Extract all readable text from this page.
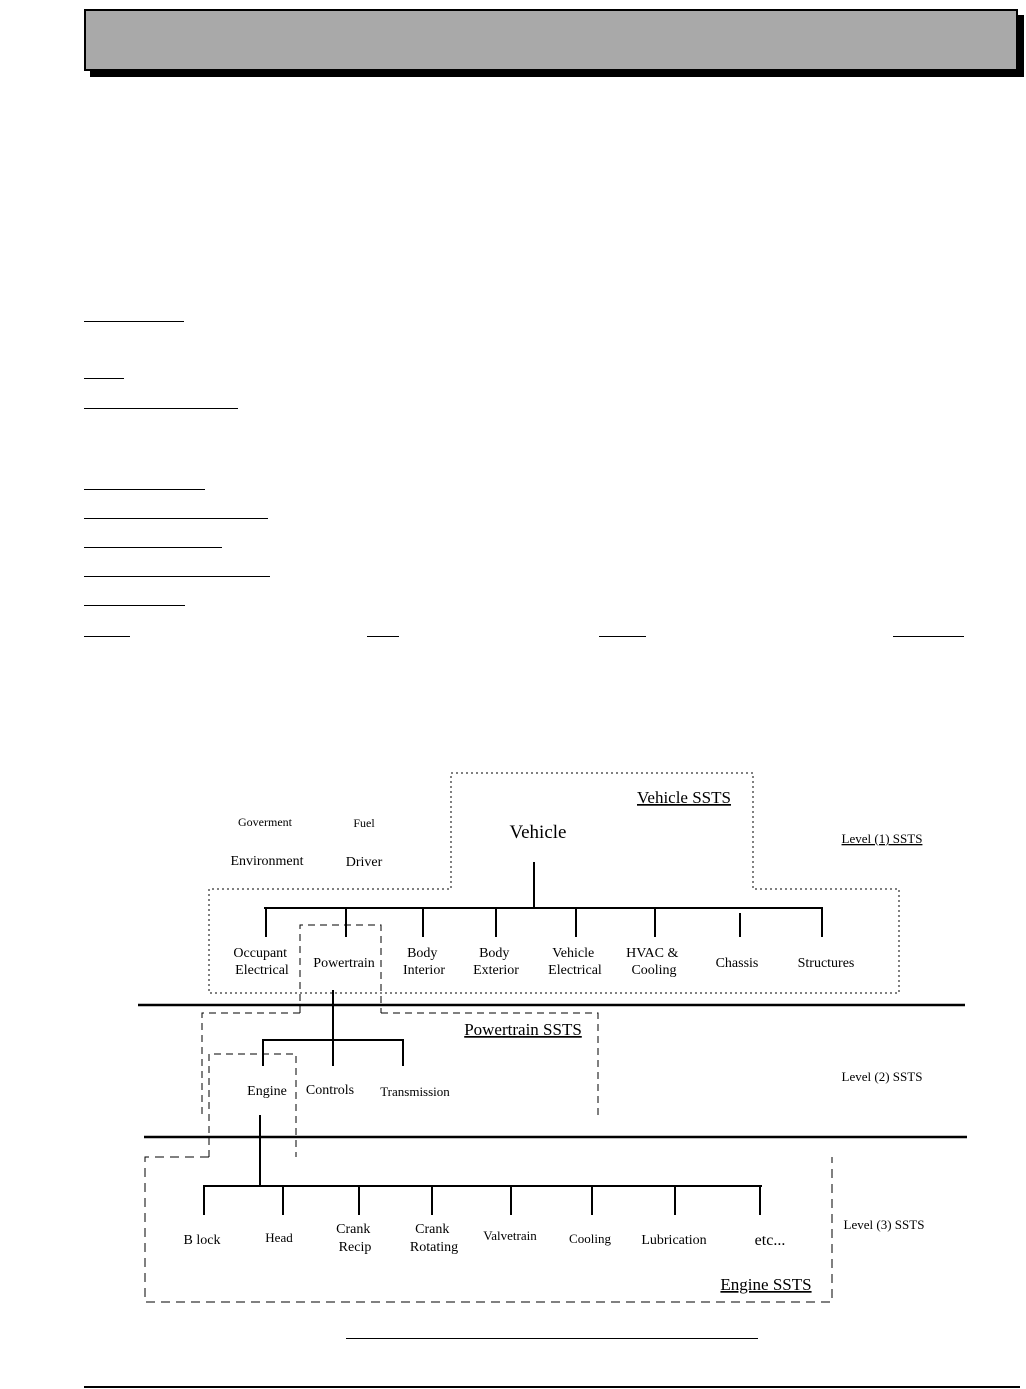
Vehicle SSTS
Powertrain SSTS
Engine SSTS
Level (1) SSTS
Level (2) SSTS
Level (3) SSTS
Goverment	Fuel
Environment	Driver
Vehicle
Occupant Electrical Powertrain
Body Interior
Body Exterior
Vehicle Electrical
HVAC & Cooling	Chassis	Structures
Engine Controls Transmission
B lock	Head
Crank Recip
Crank Rotating
Valvetrain Cooling Lubrication	etc...
